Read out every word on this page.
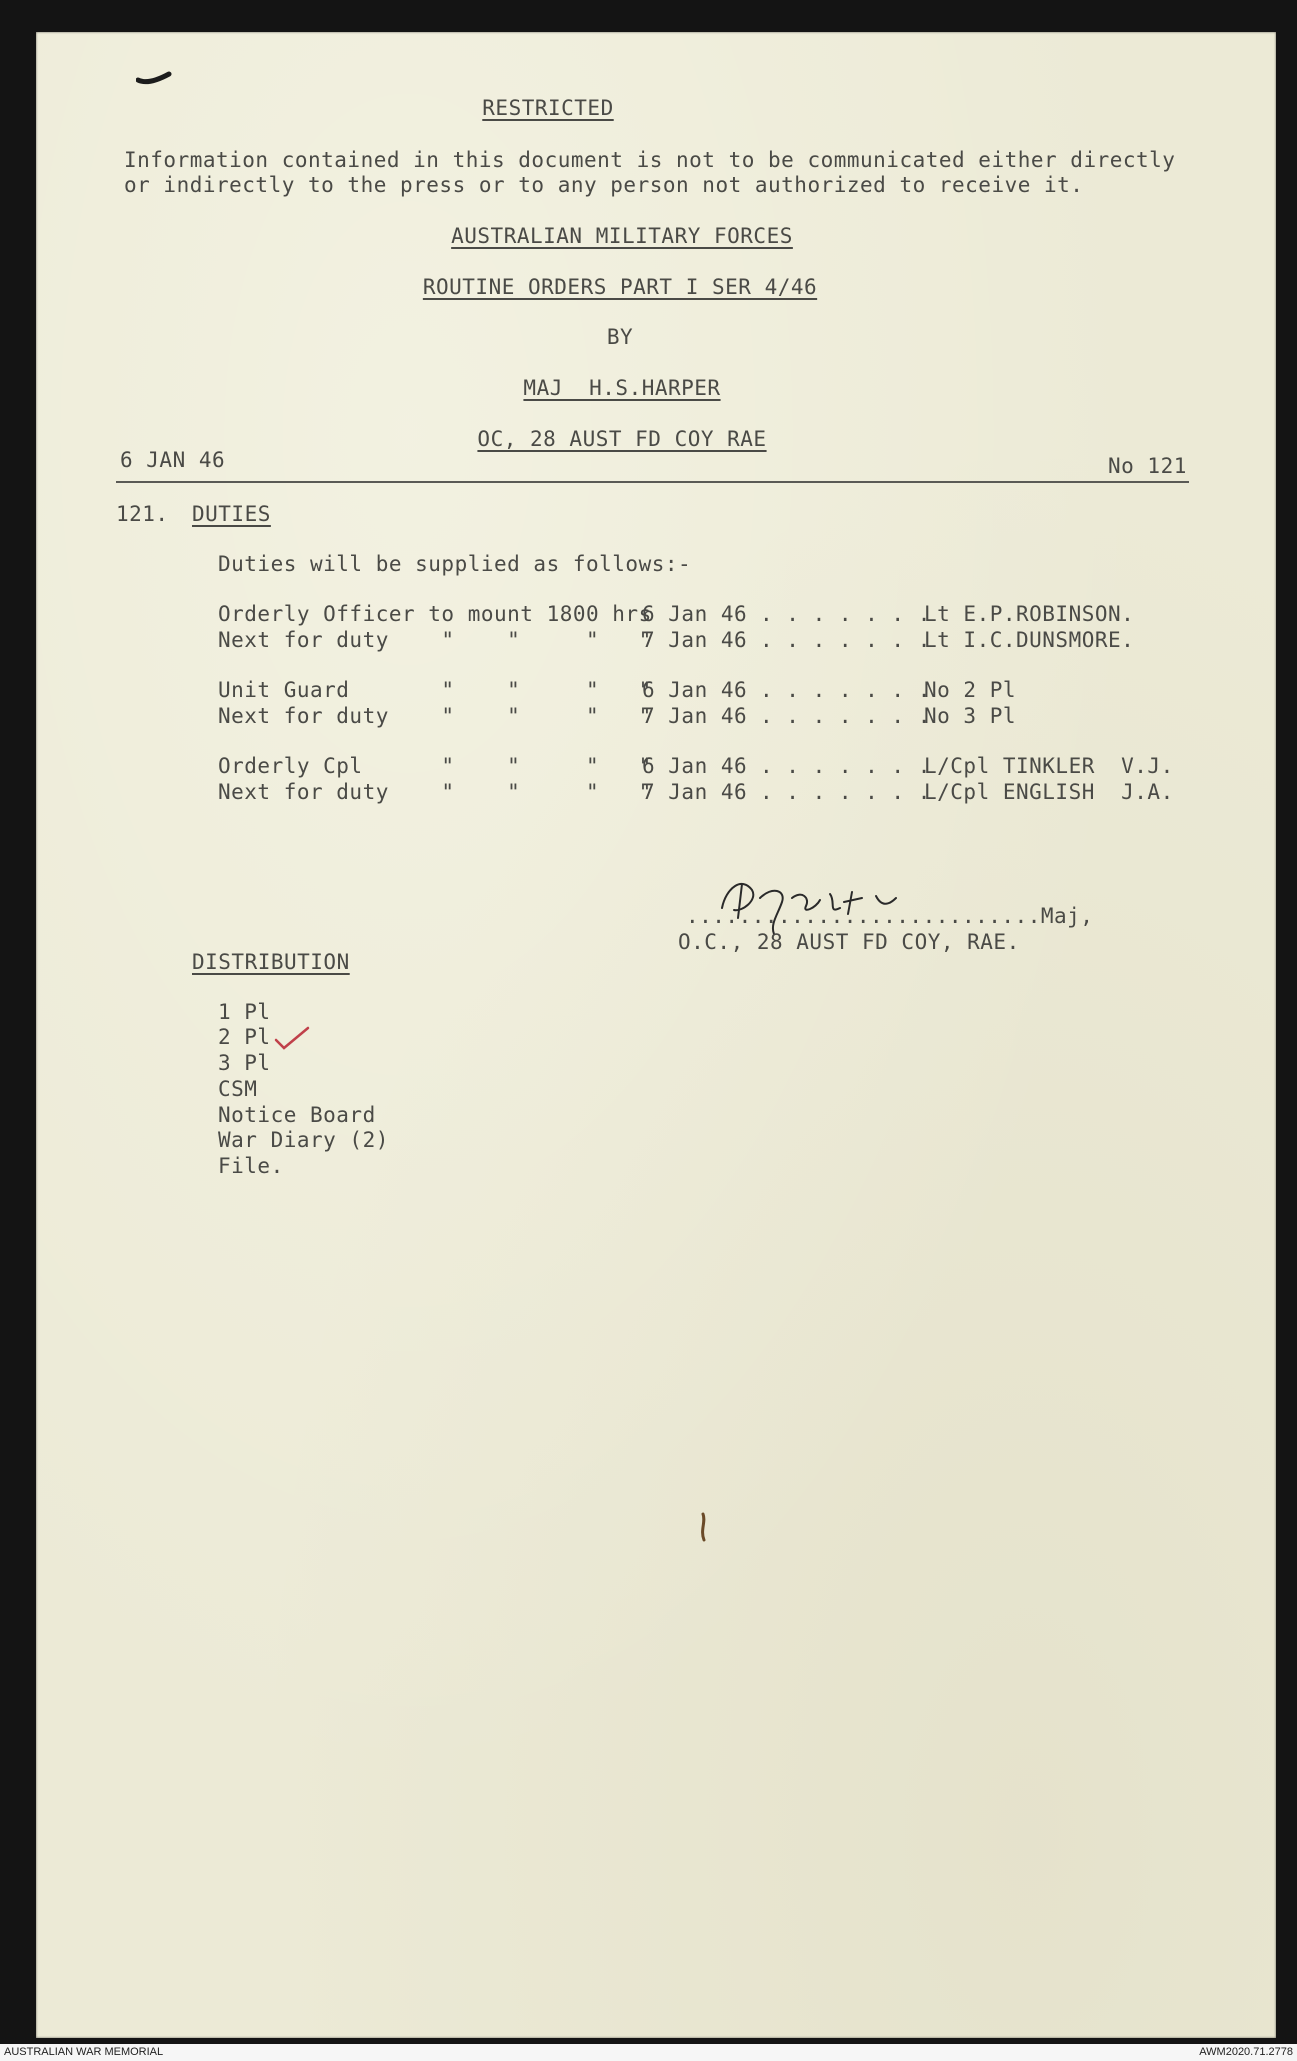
RESTRICTED
Information contained in this document is not to be communicated either directly
or indirectly to the press or to any person not authorized to receive it.
AUSTRALIAN MILITARY FORCES
ROUTINE ORDERS PART I SER 4/46
BY
MAJ  H.S.HARPER
OC, 28 AUST FD COY RAE
6 JAN 46	No 121
121. DUTIES
Duties will be supplied as follows:-
Orderly Officer to mount 1800 hrs
6 Jan 46 . . . . . . .
Lt E.P.ROBINSON.
Next for duty    "    "     "   "
7 Jan 46 . . . . . . .
Lt I.C.DUNSMORE.
Unit Guard       "    "     "   "
6 Jan 46 . . . . . . .
No 2 Pl
Next for duty    "    "     "   "
7 Jan 46 . . . . . . .
No 3 Pl
Orderly Cpl      "    "     "   "
6 Jan 46 . . . . . . .
L/Cpl TINKLER  V.J.
Next for duty    "    "     "   "
7 Jan 46 . . . . . . .
L/Cpl ENGLISH  J.A.
...........................Maj,
O.C., 28 AUST FD COY, RAE.
DISTRIBUTION
1 Pl
2 Pl
3 Pl
CSM
Notice Board
War Diary (2)
File.
AUSTRALIAN WAR MEMORIAL	AWM2020.71.2778
